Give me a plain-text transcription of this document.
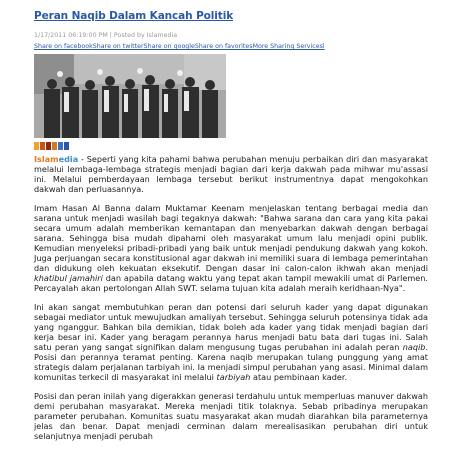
Peran Naqib Dalam Kancah Politik
1/17/2011 06:19:00 PM | Posted by Islamedia
Share on facebookShare on twitterShare on googleShare on favoritesMore Sharing Servicesl

Islamedia - Seperti yang kita pahami bahwa perubahan menuju perbaikan diri dan masyarakat melalui lembaga-lembaga strategis menjadi bagian dari kerja dakwah pada mihwar mu'assasi ini. Melalui pemberdayaan lembaga tersebut berikut instrumentnya dapat mengokohkan dakwah dan perluasannya.

Imam Hasan Al Banna dalam Muktamar Keenam menjelaskan tentang berbagai media dan sarana untuk menjadi wasilah bagi tegaknya dakwah: "Bahwa sarana dan cara yang kita pakai secara umum adalah memberikan kemantapan dan menyebarkan dakwah dengan berbagai sarana. Sehingga bisa mudah dipahami oleh masyarakat umum lalu menjadi opini publik. Kemudian menyeleksi pribadi-pribadi yang baik untuk menjadi pendukung dakwah yang kokoh. Juga perjuangan secara konstitusional agar dakwah ini memiliki suara di lembaga pemerintahan dan didukung oleh kekuatan eksekutif. Dengan dasar ini calon-calon ikhwah akan menjadi khatibul jamahiri dan apabila datang waktu yang tepat akan tampil mewakili umat di Parlemen. Percayalah akan pertolongan Allah SWT. selama tujuan kita adalah meraih keridhaan-Nya".

Ini akan sangat membutuhkan peran dan potensi dari seluruh kader yang dapat digunakan sebagai mediator untuk mewujudkan amaliyah tersebut. Sehingga seluruh potensinya tidak ada yang nganggur. Bahkan bila demikian, tidak boleh ada kader yang tidak menjadi bagian dari kerja besar ini. Kader yang beragam perannya harus menjadi batu bata dari tugas ini. Salah satu peran yang sangat signifikan dalam mengusung tugas perubahan ini adalah peran naqib. Posisi dan perannya teramat penting. Karena naqib merupakan tulang punggung yang amat strategis dalam perjalanan tarbiyah ini. Ia menjadi simpul perubahan yang asasi. Minimal dalam komunitas terkecil di masyarakat ini melalui tarbiyah atau pembinaan kader.

Posisi dan peran inilah yang digerakkan generasi terdahulu untuk memperluas manuver dakwah demi perubahan masyarakat. Mereka menjadi titik tolaknya. Sebab pribadinya merupakan parameter perubahan. Komunitas suatu masyarakat akan mudah diarahkan bila parameternya jelas dan benar. Dapat menjadi cerminan dalam merealisasikan perubahan diri untuk selanjutnya menjadi perubah
